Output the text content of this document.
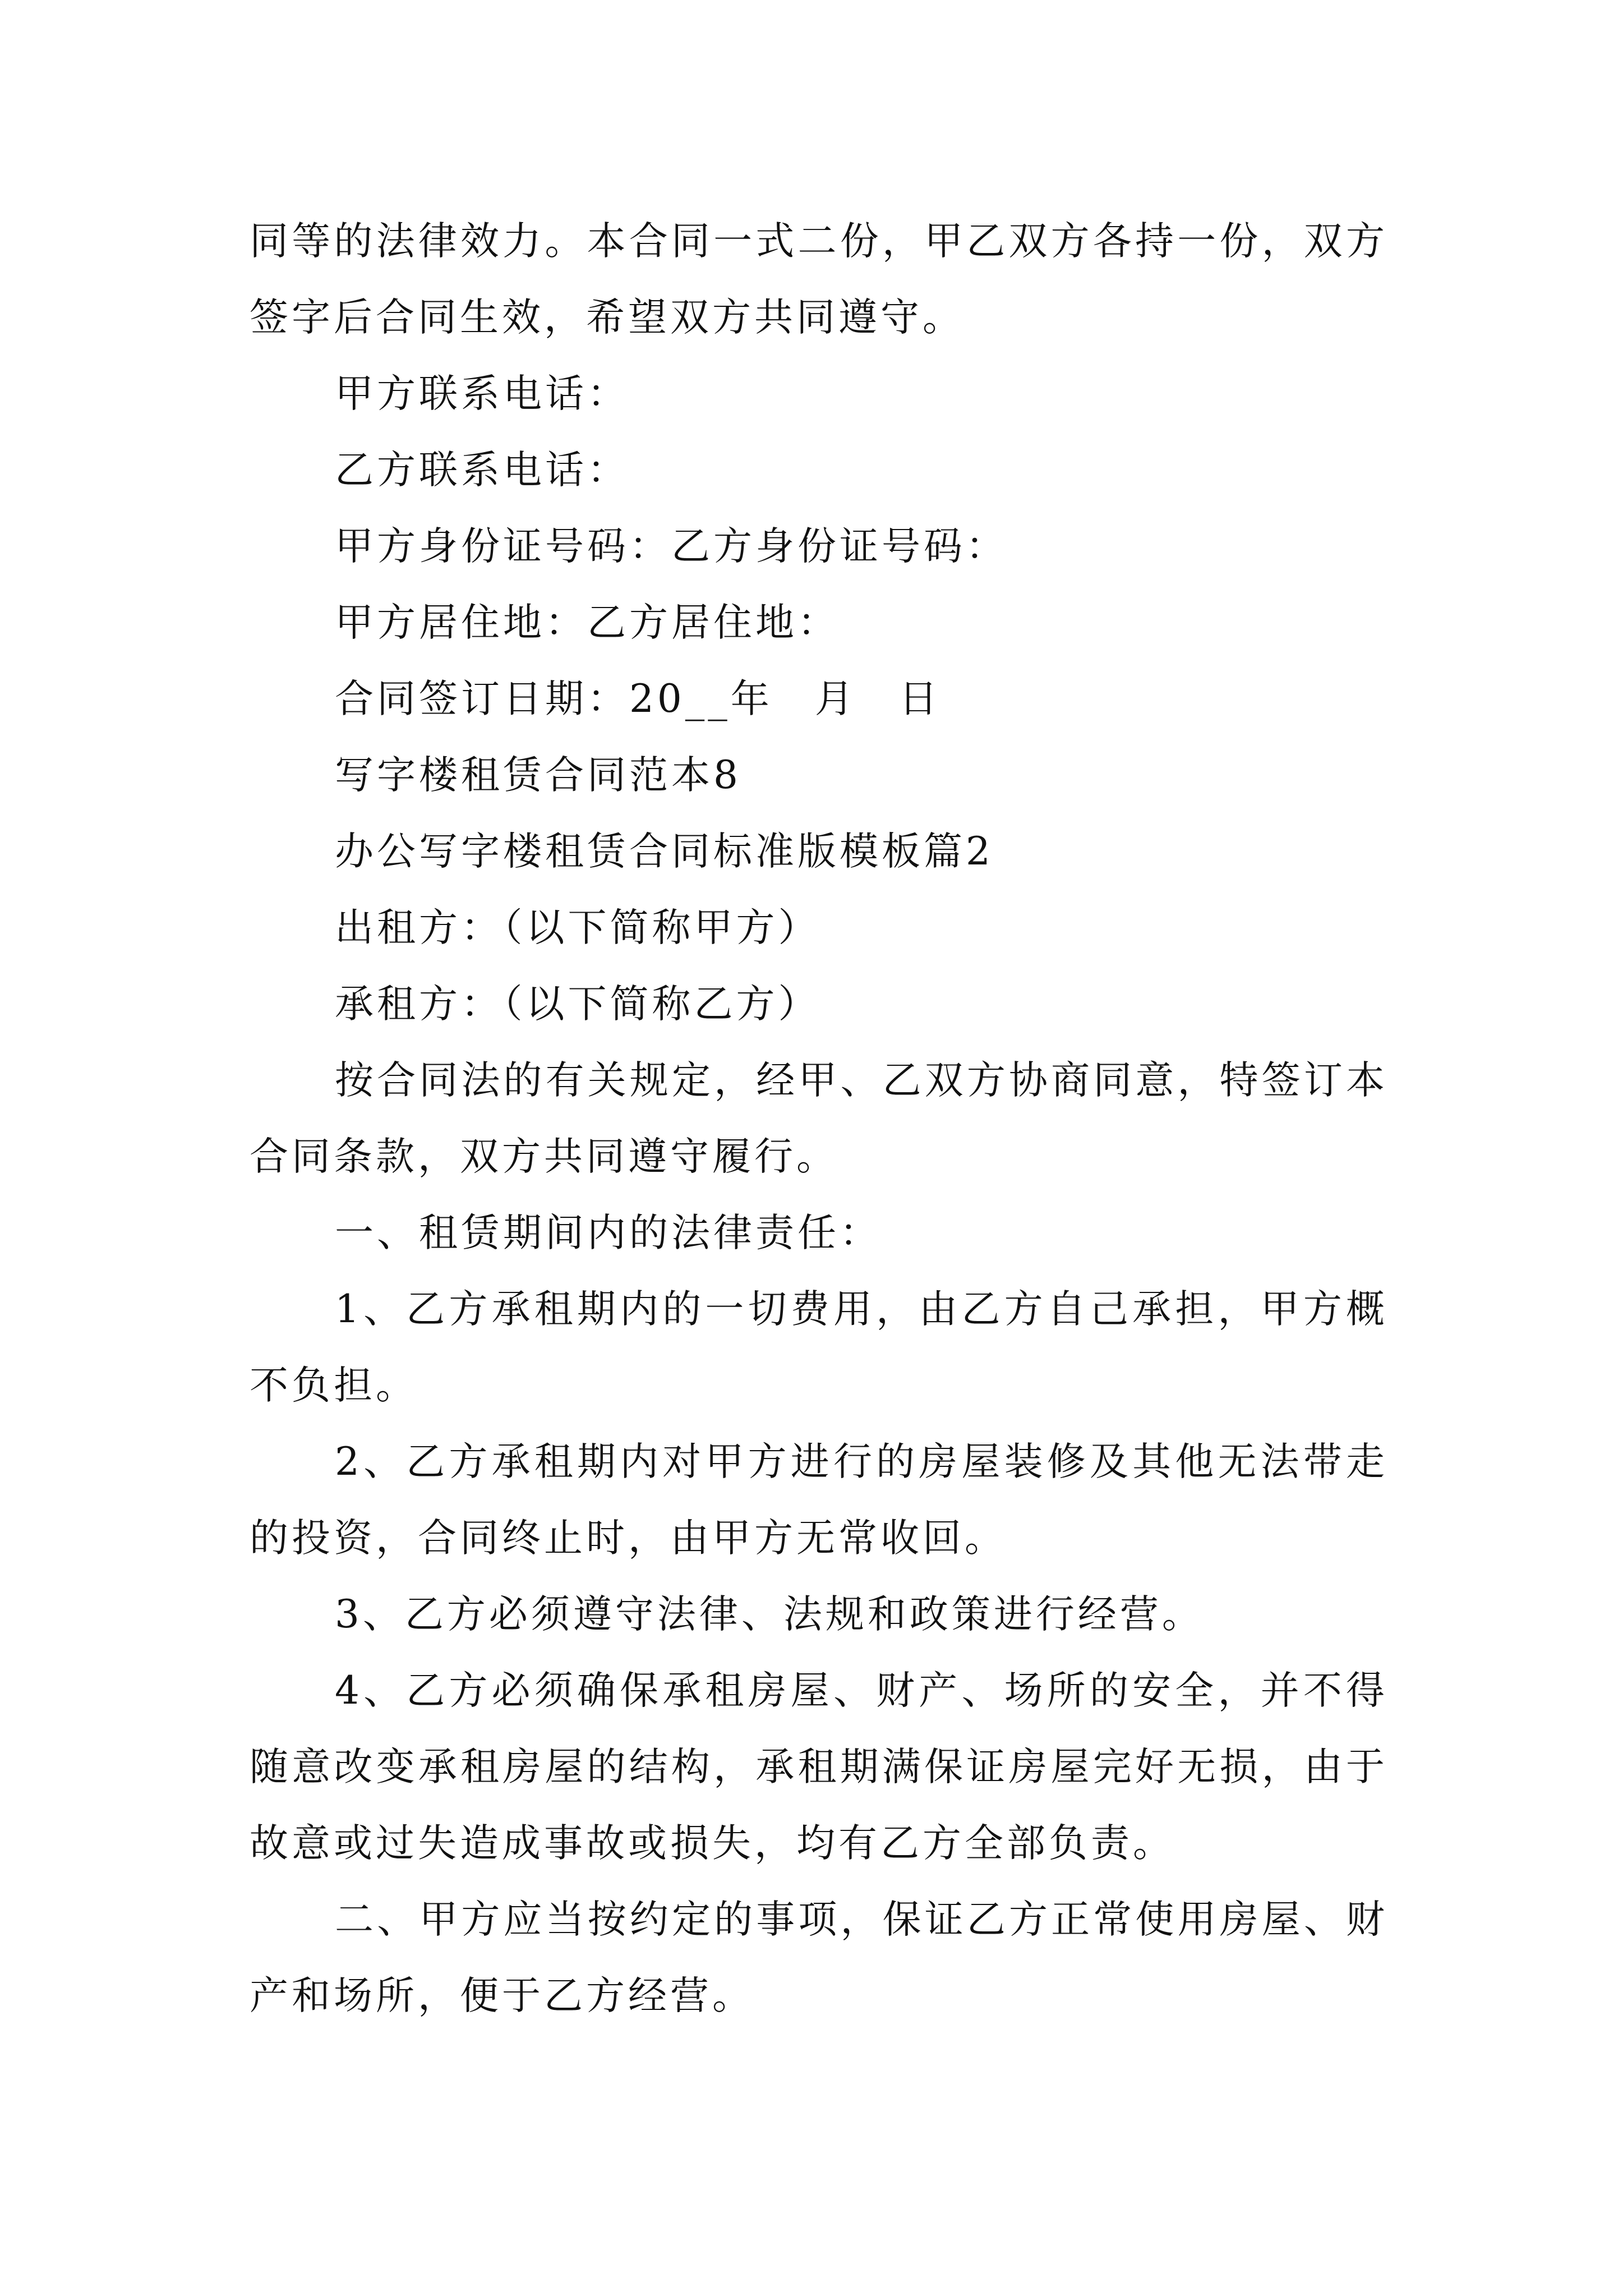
同等的法律效力。本合同一式二份，甲乙双方各持一份，双方签字后合同生效，希望双方共同遵守。

甲方联系电话：

乙方联系电话：

甲方身份证号码：乙方身份证号码：

甲方居住地：乙方居住地：

合同签订日期：20__年　月　日

写字楼租赁合同范本8

办公写字楼租赁合同标准版模板篇2

出租方：（以下简称甲方）

承租方：（以下简称乙方）

按合同法的有关规定，经甲、乙双方协商同意，特签订本合同条款，双方共同遵守履行。

一、租赁期间内的法律责任：

1、乙方承租期内的一切费用，由乙方自己承担，甲方概不负担。

2、乙方承租期内对甲方进行的房屋装修及其他无法带走的投资，合同终止时，由甲方无常收回。

3、乙方必须遵守法律、法规和政策进行经营。

4、乙方必须确保承租房屋、财产、场所的安全，并不得随意改变承租房屋的结构，承租期满保证房屋完好无损，由于故意或过失造成事故或损失，均有乙方全部负责。

二、甲方应当按约定的事项，保证乙方正常使用房屋、财产和场所，便于乙方经营。
